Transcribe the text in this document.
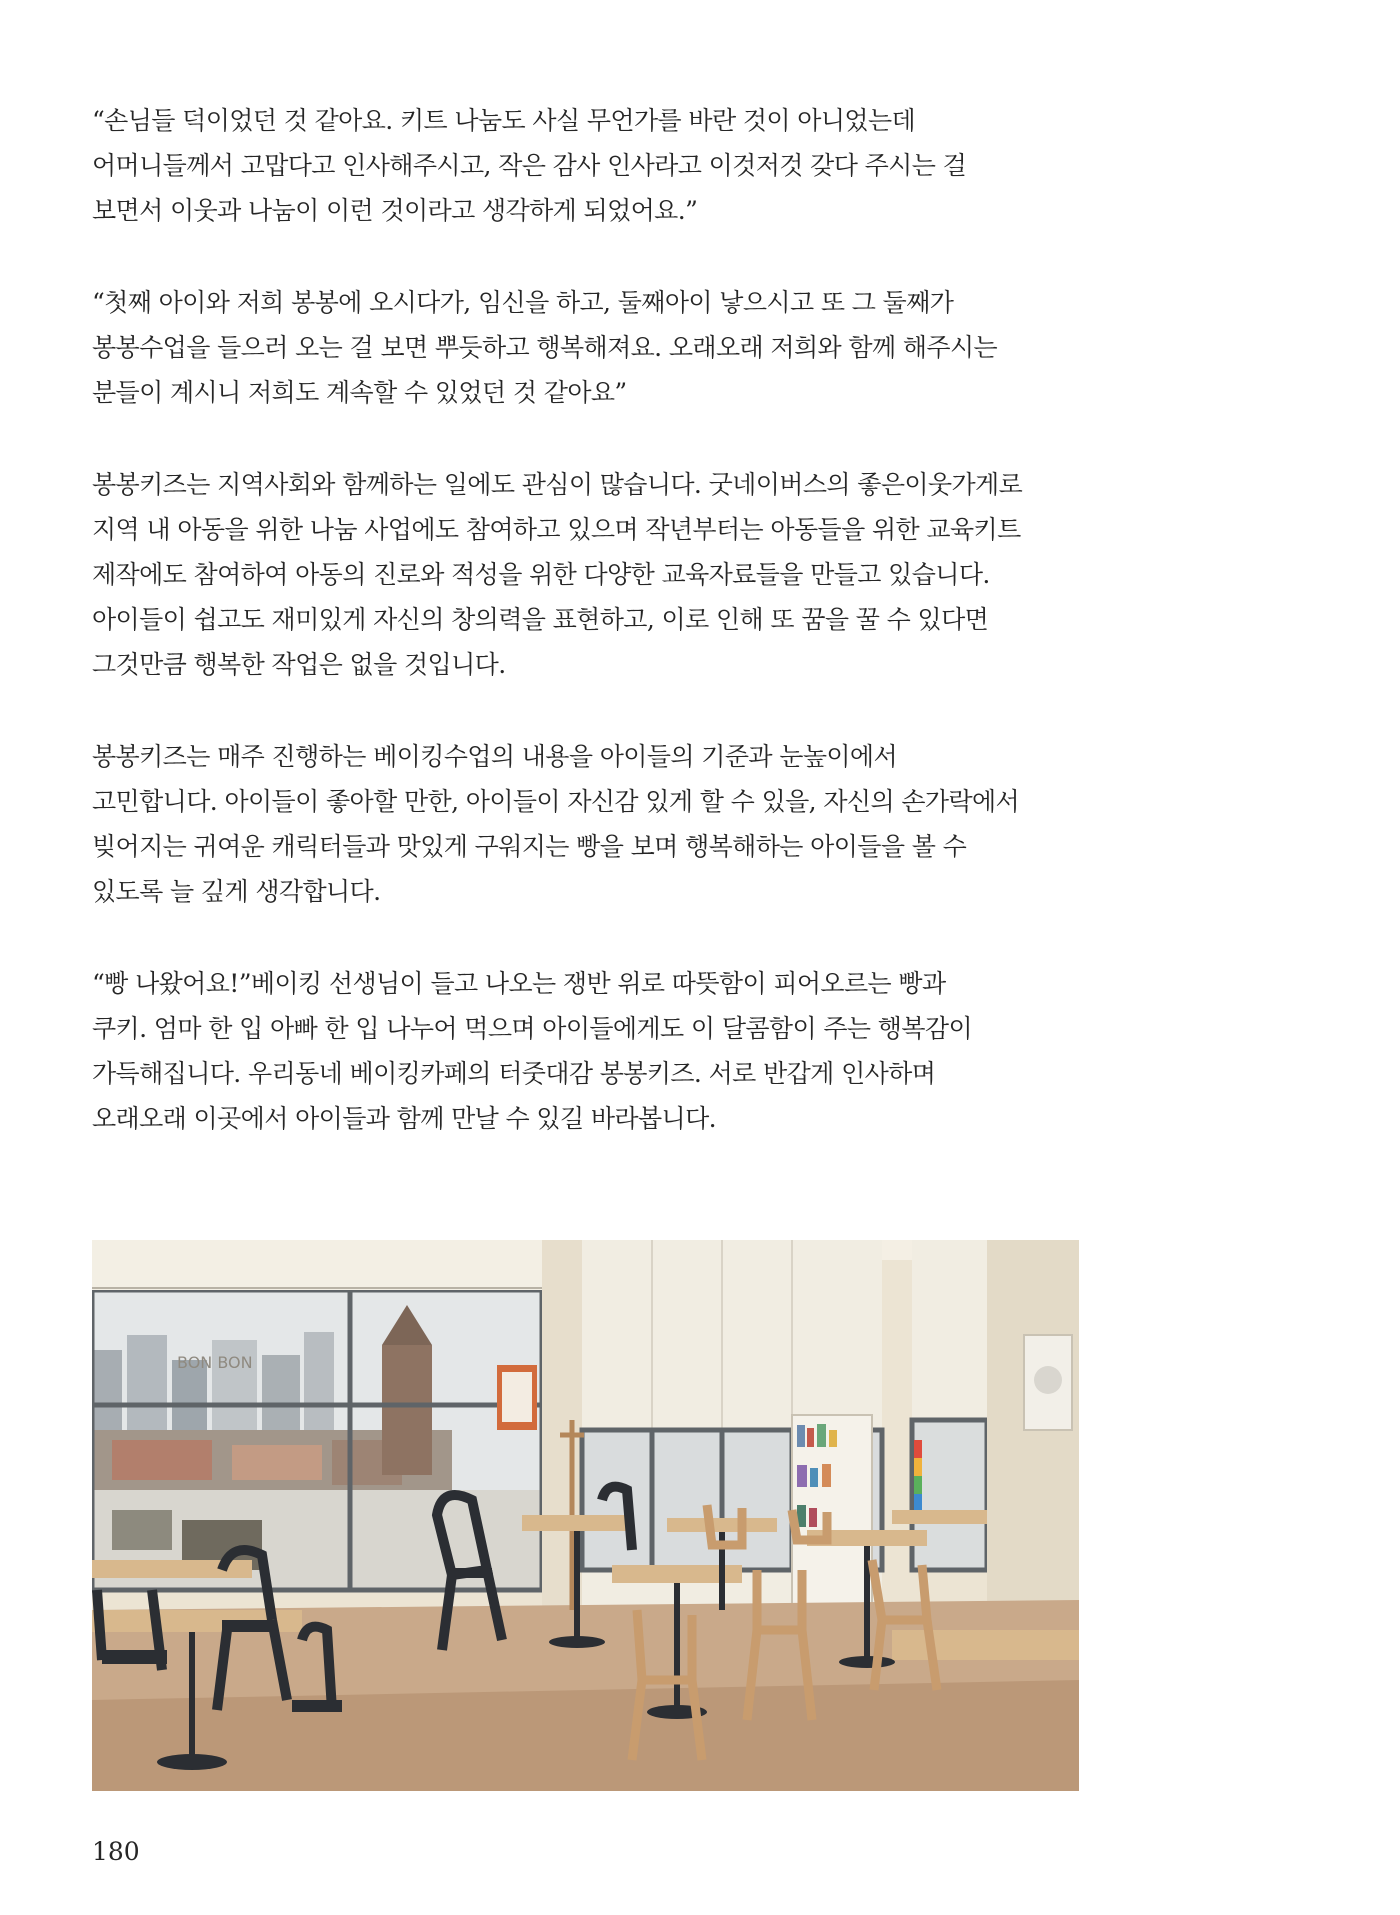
“손님들 덕이었던 것 같아요. 키트 나눔도 사실 무언가를 바란 것이 아니었는데
어머니들께서 고맙다고 인사해주시고, 작은 감사 인사라고 이것저것 갖다 주시는 걸
보면서 이웃과 나눔이 이런 것이라고 생각하게 되었어요.”
“첫째 아이와 저희 봉봉에 오시다가, 임신을 하고, 둘째아이 낳으시고 또 그 둘째가
봉봉수업을 들으러 오는 걸 보면 뿌듯하고 행복해져요. 오래오래 저희와 함께 해주시는
분들이 계시니 저희도 계속할 수 있었던 것 같아요”
봉봉키즈는 지역사회와 함께하는 일에도 관심이 많습니다. 굿네이버스의 좋은이웃가게로
지역 내 아동을 위한 나눔 사업에도 참여하고 있으며 작년부터는 아동들을 위한 교육키트
제작에도 참여하여 아동의 진로와 적성을 위한 다양한 교육자료들을 만들고 있습니다.
아이들이 쉽고도 재미있게 자신의 창의력을 표현하고, 이로 인해 또 꿈을 꿀 수 있다면
그것만큼 행복한 작업은 없을 것입니다.
봉봉키즈는 매주 진행하는 베이킹수업의 내용을 아이들의 기준과 눈높이에서
고민합니다. 아이들이 좋아할 만한, 아이들이 자신감 있게 할 수 있을, 자신의 손가락에서
빚어지는 귀여운 캐릭터들과 맛있게 구워지는 빵을 보며 행복해하는 아이들을 볼 수
있도록 늘 깊게 생각합니다.
“빵 나왔어요!”베이킹 선생님이 들고 나오는 쟁반 위로 따뜻함이 피어오르는 빵과
쿠키. 엄마 한 입 아빠 한 입 나누어 먹으며 아이들에게도 이 달콤함이 주는 행복감이
가득해집니다. 우리동네 베이킹카페의 터줏대감 봉봉키즈. 서로 반갑게 인사하며
오래오래 이곳에서 아이들과 함께 만날 수 있길 바라봅니다.
BON BON
180
